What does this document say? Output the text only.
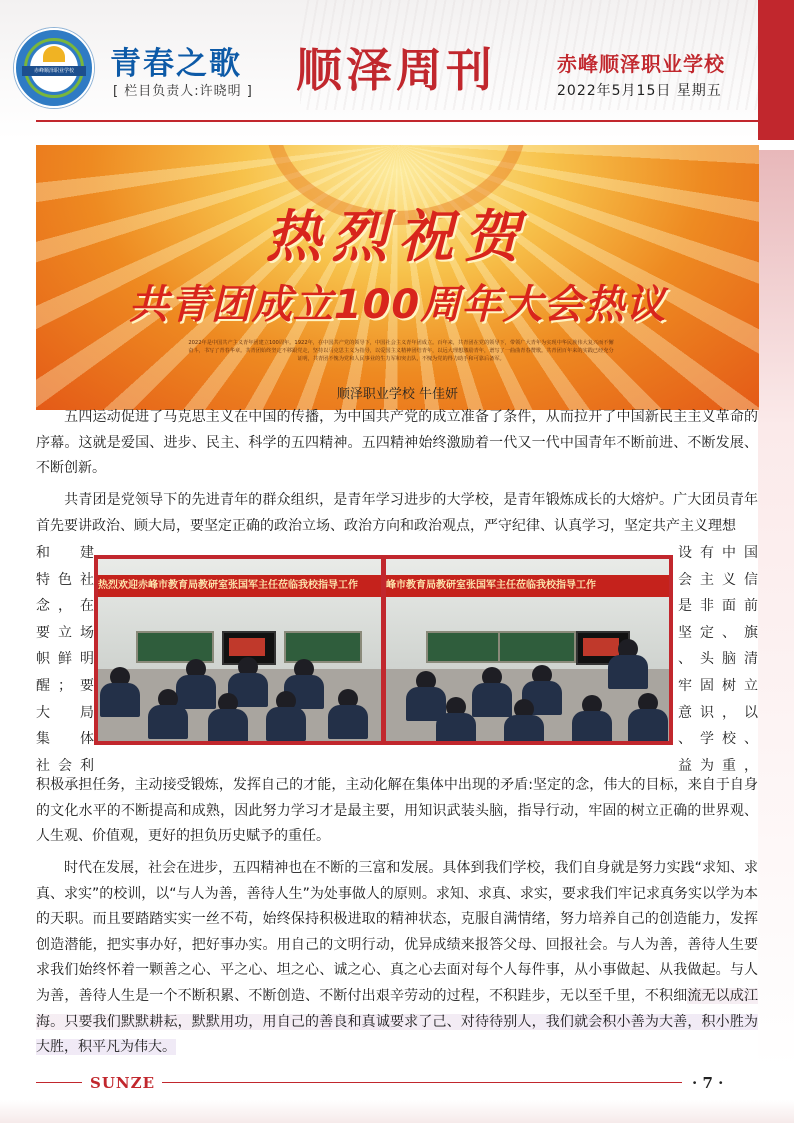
赤峰顺泽职业学校	青春之歌
[ 栏目负责人:许晓明 ] 顺泽周刊	赤峰顺泽职业学校
2022年5月15日 星期五
热烈祝贺
共青团成立100周年大会热议
2022年是中国共产主义青年团建立100周年。1922年，在中国共产党的领导下，中国社会主义青年团成立。百年来，共青团在党的领导下，带领广大青年为实现中华民族伟大复兴而不懈奋斗，书写了青春华章。共青团始终坚定不移跟党走，坚持以马克思主义为指导，以爱国主义精神团结青年，以远大理想激励青年，谱写了一曲曲青春赞歌。共青团百年来的实践已经充分证明，共青团不愧为党和人民事业的生力军和突击队，不愧为党的得力助手和可靠后备军。
顺泽职业学校 牛佳妍
五四运动促进了马克思主义在中国的传播，为中国共产党的成立准备了条件，从而拉开了中国新民主主义革命的序幕。这就是爱国、进步、民主、科学的五四精神。五四精神始终激励着一代又一代中国青年不断前进、不断发展、不断创新。
共青团是党领导下的先进青年的群众组织，是青年学习进步的大学校，是青年锻炼成长的大熔炉。广大团员青年首先要讲政治、顾大局，要坚定正确的政治立场、政治方向和政治观点，严守纪律、认真学习，坚定共产主义理想
和　建
特色社
念，在
要立场
帜鲜明
醒；要
大　局
集　体
社会利
设有中国
会主义信
是非面前
坚定、旗
、头脑清
牢固树立
意识，以
、学校、
益为重，
热烈欢迎赤峰市教育局教研室张国军主任莅临我校指导工作	峰市教育局教研室张国军主任莅临我校指导工作
积极承担任务，主动接受锻炼，发挥自己的才能，主动化解在集体中出现的矛盾:坚定的念，伟大的目标，来自于自身的文化水平的不断提高和成熟，因此努力学习才是最主要，用知识武装头脑，指导行动，牢固的树立正确的世界观、人生观、价值观，更好的担负历史赋予的重任。
时代在发展，社会在进步，五四精神也在不断的三富和发展。具体到我们学校，我们自身就是努力实践“求知、求真、求实”的校训，以“与人为善，善待人生”为处事做人的原则。求知、求真、求实，要求我们牢记求真务实以学为本的天职。而且要踏踏实实一丝不苟，始终保持积极进取的精神状态，克服自满情绪，努力培养自己的创造能力，发挥创造潜能，把实事办好，把好事办实。用自己的文明行动，优异成绩来报答父母、回报社会。与人为善，善待人生要求我们始终怀着一颗善之心、平之心、坦之心、诚之心、真之心去面对每个人每件事，从小事做起、从我做起。与人为善，善待人生是一个不断积累、不断创造、不断付出艰辛劳动的过程，不积跬步，无以至千里，不积细流无以成江海。只要我们默默耕耘，默默用功，用自己的善良和真诚要求了己、对待待别人，我们就会积小善为大善，积小胜为大胜，积平凡为伟大。
SUNZE	· 7 ·
